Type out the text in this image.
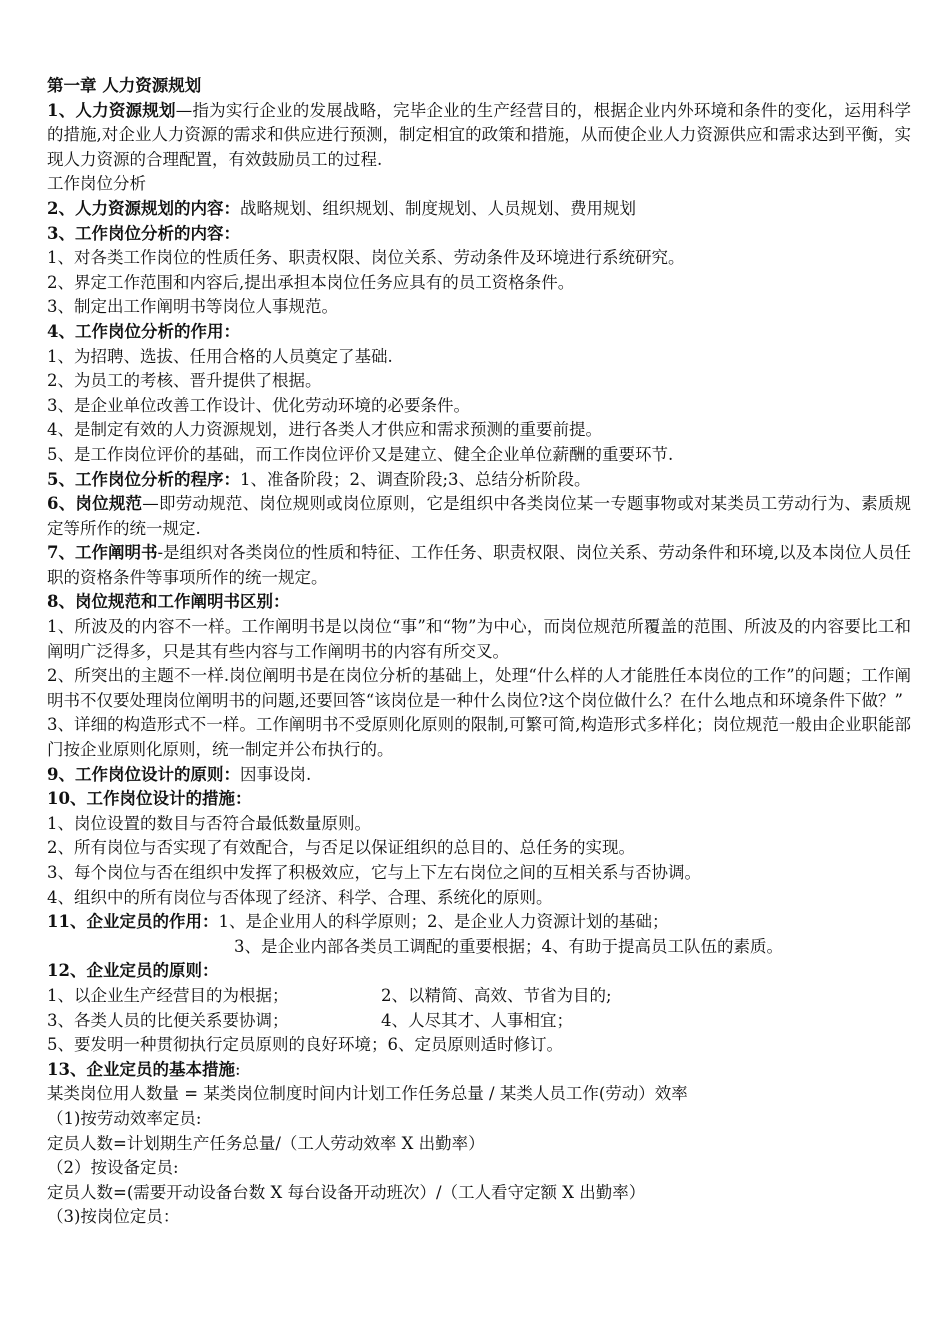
第一章 人力资源规划

1、人力资源规划—指为实行企业的发展战略，完毕企业的生产经营目的，根据企业内外环境和条件的变化，运用科学的措施,对企业人力资源的需求和供应进行预测，制定相宜的政策和措施，从而使企业人力资源供应和需求达到平衡，实现人力资源的合理配置，有效鼓励员工的过程.

工作岗位分析

2、人力资源规划的内容：战略规划、组织规划、制度规划、人员规划、费用规划

3、工作岗位分析的内容：

1、对各类工作岗位的性质任务、职责权限、岗位关系、劳动条件及环境进行系统研究。

2、界定工作范围和内容后,提出承担本岗位任务应具有的员工资格条件。

3、制定出工作阐明书等岗位人事规范。

4、工作岗位分析的作用：

1、为招聘、选拔、任用合格的人员奠定了基础.

2、为员工的考核、晋升提供了根据。

3、是企业单位改善工作设计、优化劳动环境的必要条件。

4、是制定有效的人力资源规划，进行各类人才供应和需求预测的重要前提。

5、是工作岗位评价的基础，而工作岗位评价又是建立、健全企业单位薪酬的重要环节.

5、工作岗位分析的程序：1、准备阶段；2、调查阶段;3、总结分析阶段。

6、岗位规范—即劳动规范、岗位规则或岗位原则，它是组织中各类岗位某一专题事物或对某类员工劳动行为、素质规定等所作的统一规定.

7、工作阐明书-是组织对各类岗位的性质和特征、工作任务、职责权限、岗位关系、劳动条件和环境,以及本岗位人员任职的资格条件等事项所作的统一规定。

8、岗位规范和工作阐明书区别：

1、所波及的内容不一样。工作阐明书是以岗位“事”和“物”为中心，而岗位规范所覆盖的范围、所波及的内容要比工和阐明广泛得多，只是其有些内容与工作阐明书的内容有所交叉。

2、所突出的主题不一样.岗位阐明书是在岗位分析的基础上，处理“什么样的人才能胜任本岗位的工作”的问题；工作阐明书不仅要处理岗位阐明书的问题,还要回答“该岗位是一种什么岗位?这个岗位做什么？在什么地点和环境条件下做？”

3、详细的构造形式不一样。工作阐明书不受原则化原则的限制,可繁可简,构造形式多样化；岗位规范一般由企业职能部门按企业原则化原则，统一制定并公布执行的。

9、工作岗位设计的原则：因事设岗.

10、工作岗位设计的措施：

1、岗位设置的数目与否符合最低数量原则。

2、所有岗位与否实现了有效配合，与否足以保证组织的总目的、总任务的实现。

3、每个岗位与否在组织中发挥了积极效应，它与上下左右岗位之间的互相关系与否协调。

4、组织中的所有岗位与否体现了经济、科学、合理、系统化的原则。

11、企业定员的作用：1、是企业用人的科学原则；2、是企业人力资源计划的基础；

3、是企业内部各类员工调配的重要根据；4、有助于提高员工队伍的素质。

12、企业定员的原则：

1、以企业生产经营目的为根据；	2、以精简、高效、节省为目的;
3、各类人员的比便关系要协调；	4、人尽其才、人事相宜；

5、要发明一种贯彻执行定员原则的良好环境；6、定员原则适时修订。

13、企业定员的基本措施:

某类岗位用人数量 = 某类岗位制度时间内计划工作任务总量 / 某类人员工作(劳动）效率

（1)按劳动效率定员:

定员人数=计划期生产任务总量/（工人劳动效率 X 出勤率）

（2）按设备定员:

定员人数=(需要开动设备台数 X 每台设备开动班次）/（工人看守定额 X 出勤率）

（3)按岗位定员：
